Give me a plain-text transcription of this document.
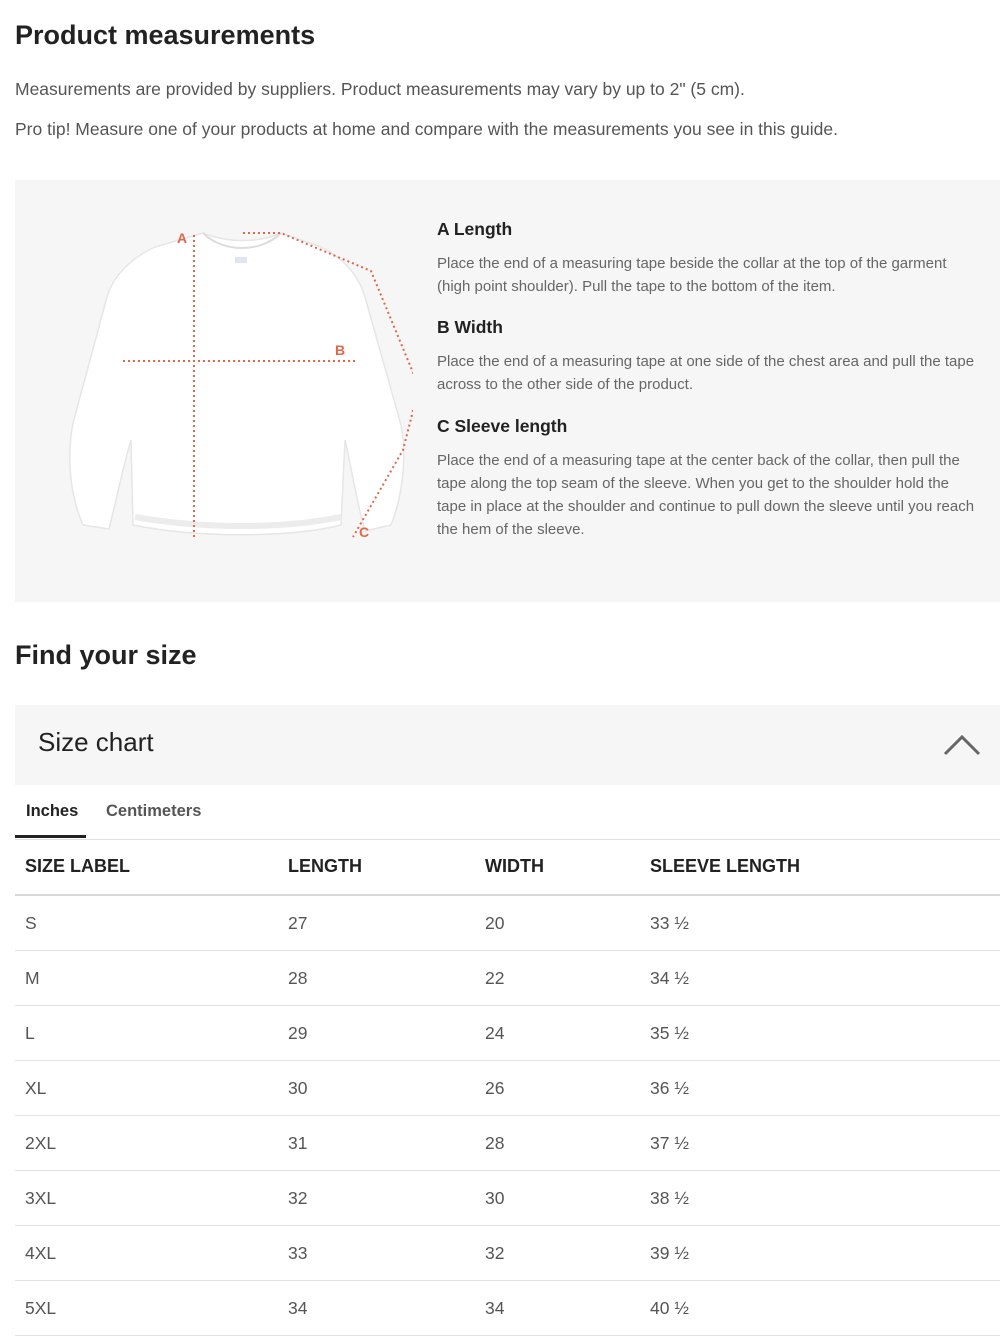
Product measurements

Measurements are provided by suppliers. Product measurements may vary by up to 2" (5 cm).

Pro tip! Measure one of your products at home and compare with the measurements you see in this guide.

A
B
C
A Length

Place the end of a measuring tape beside the collar at the top of the garment (high point shoulder). Pull the tape to the bottom of the item.

B Width

Place the end of a measuring tape at one side of the chest area and pull the tape across to the other side of the product.

C Sleeve length

Place the end of a measuring tape at the center back of the collar, then pull the tape along the top seam of the sleeve. When you get to the shoulder hold the tape in place at the shoulder and continue to pull down the sleeve until you reach the hem of the sleeve.

Find your size
Size chart
Inches Centimeters
SIZE LABEL	LENGTH	WIDTH	SLEEVE LENGTH
S	27	20	33 ½
M	28	22	34 ½
L	29	24	35 ½
XL	30	26	36 ½
2XL	31	28	37 ½
3XL	32	30	38 ½
4XL	33	32	39 ½
5XL	34	34	40 ½
